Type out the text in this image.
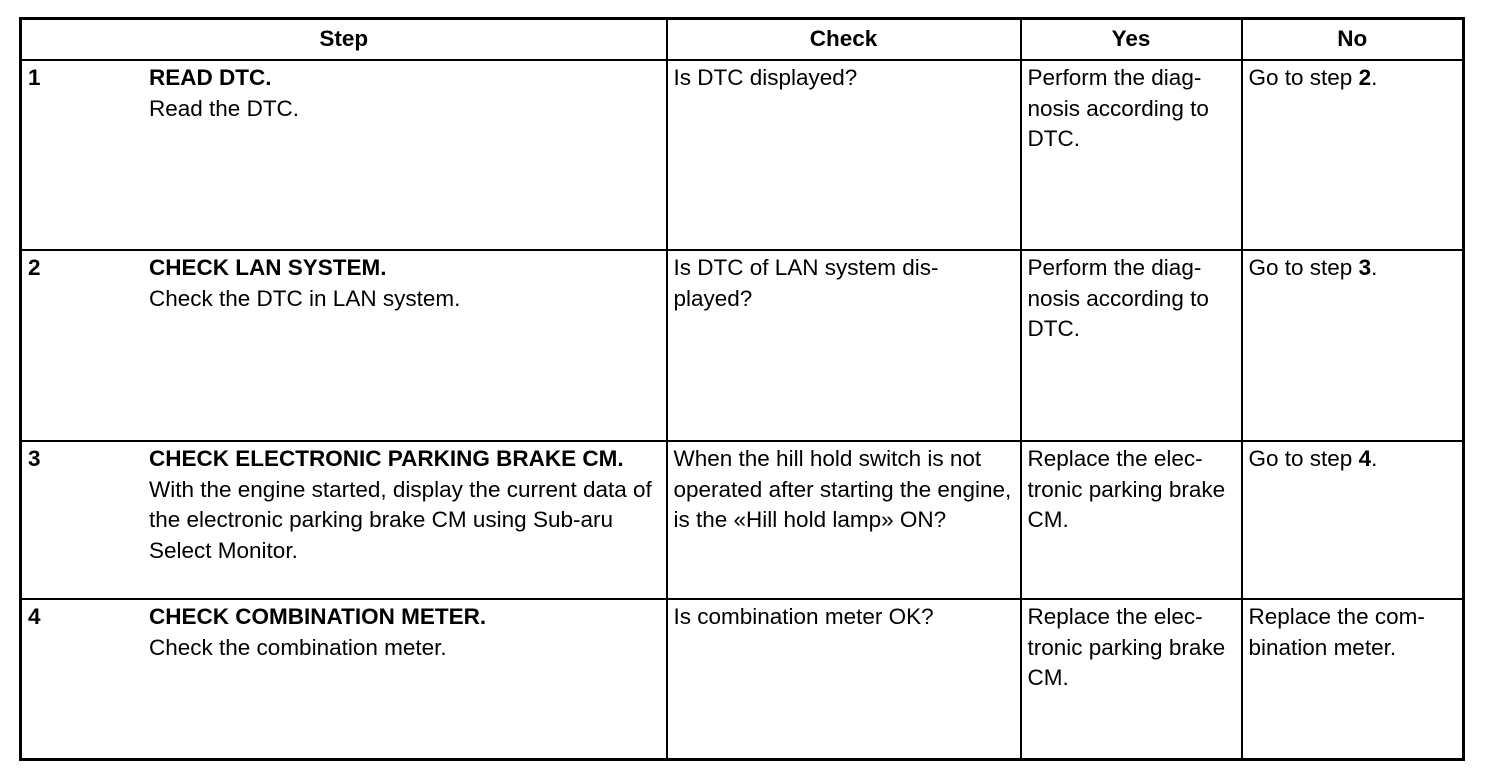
Step	Check	Yes	No

1 READ DTC.
Read the DTC.	Is DTC displayed?	Perform the diag-nosis according to DTC.	Go to step 2.

2 CHECK LAN SYSTEM.
Check the DTC in LAN system.	Is DTC of LAN system dis-played?	Perform the diag-nosis according to DTC.	Go to step 3.

3 CHECK ELECTRONIC PARKING BRAKE CM.
With the engine started, display the current data of the electronic parking brake CM using Sub-aru Select Monitor.	When the hill hold switch is not operated after starting the engine, is the «Hill hold lamp» ON?	Replace the elec-tronic parking brake CM.	Go to step 4.

4 CHECK COMBINATION METER.
Check the combination meter.	Is combination meter OK?	Replace the elec-tronic parking brake CM.	Replace the com-bination meter.
